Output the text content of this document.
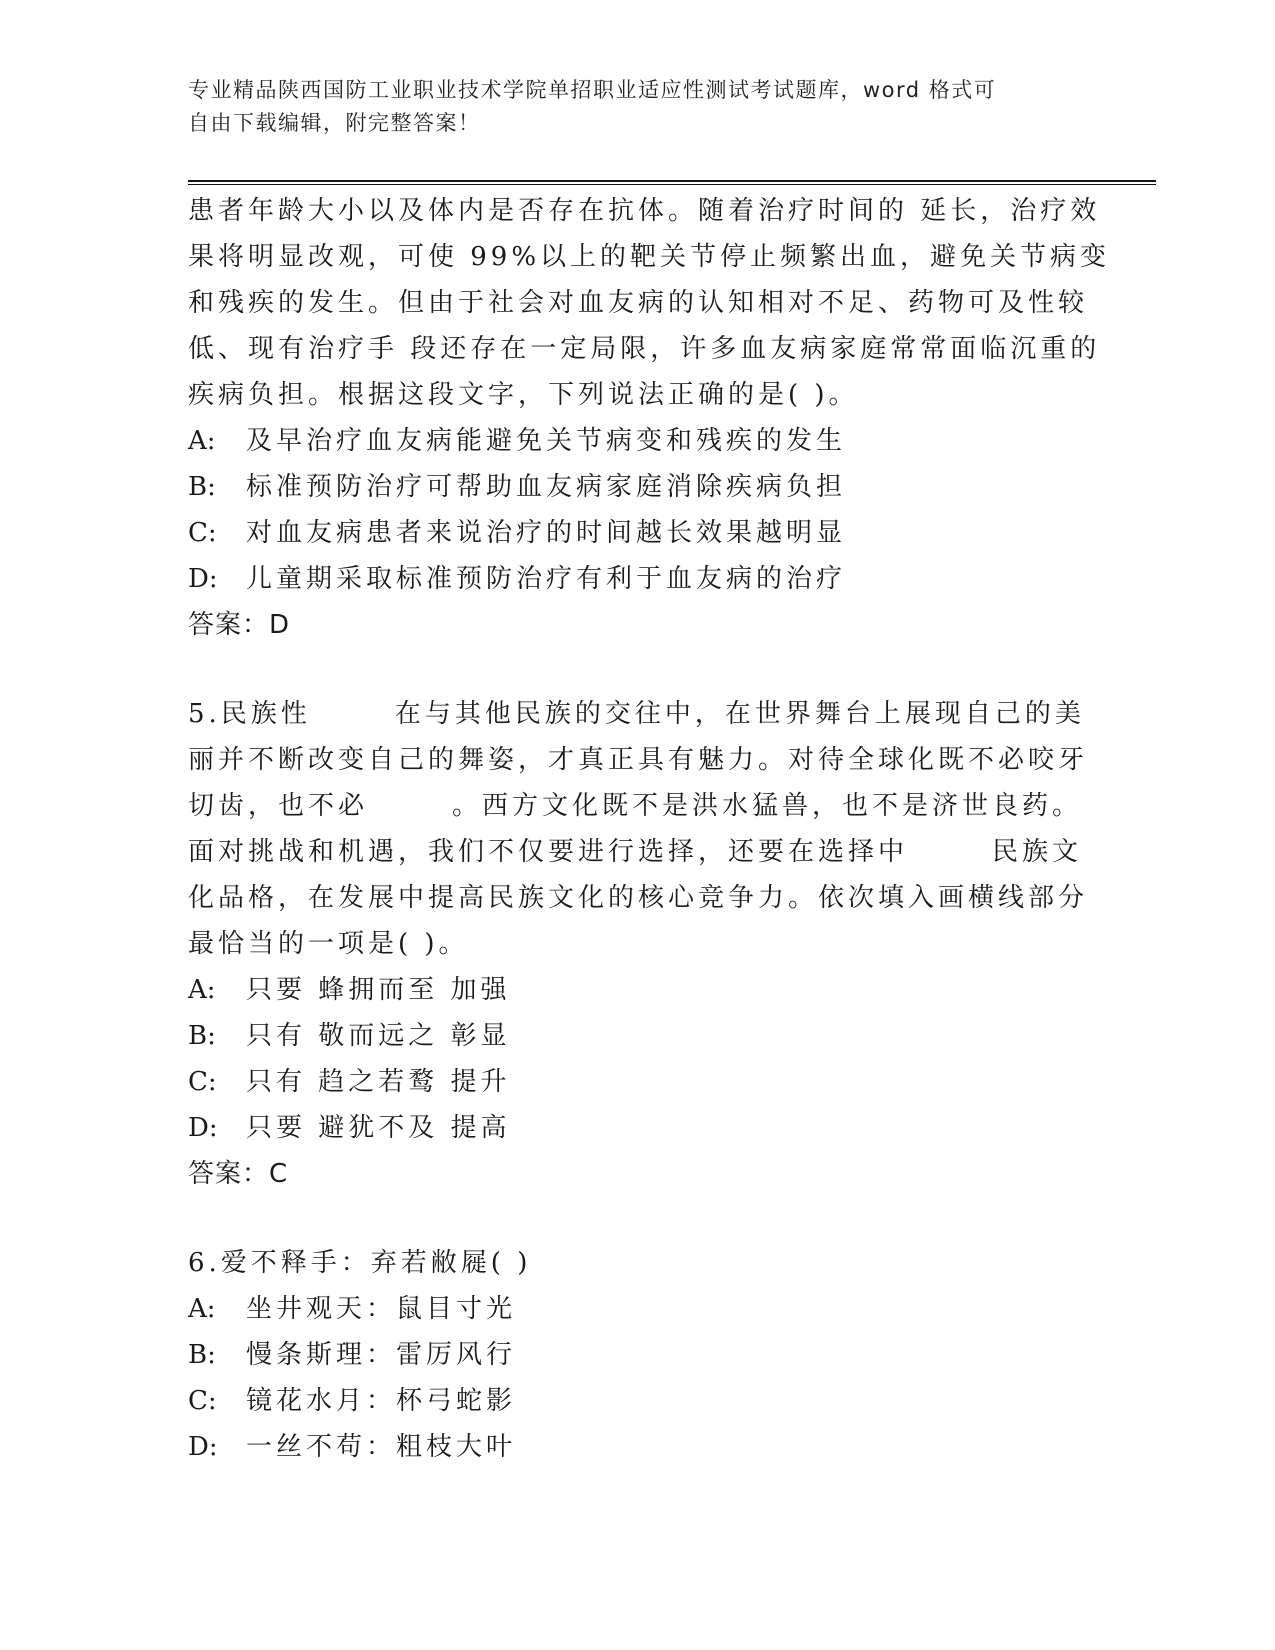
专业精品陕西国防工业职业技术学院单招职业适应性测试考试题库，word 格式可
自由下载编辑，附完整答案！
患者年龄大小以及体内是否存在抗体。随着治疗时间的 延长，治疗效
果将明显改观，可使 99%以上的靶关节停止频繁出血，避免关节病变
和残疾的发生。但由于社会对血友病的认知相对不足、药物可及性较
低、现有治疗手 段还存在一定局限，许多血友病家庭常常面临沉重的
疾病负担。根据这段文字，下列说法正确的是( )。
A: 及早治疗血友病能避免关节病变和残疾的发生
B: 标准预防治疗可帮助血友病家庭消除疾病负担
C: 对血友病患者来说治疗的时间越长效果越明显
D: 儿童期采取标准预防治疗有利于血友病的治疗
答案：D
5.民族性	在与其他民族的交往中，在世界舞台上展现自己的美
丽并不断改变自己的舞姿，才真正具有魅力。对待全球化既不必咬牙
切齿，也不必	。西方文化既不是洪水猛兽，也不是济世良药。
面对挑战和机遇，我们不仅要进行选择，还要在选择中	民族文
化品格，在发展中提高民族文化的核心竞争力。依次填入画横线部分
最恰当的一项是( )。
A: 只要 蜂拥而至 加强
B: 只有 敬而远之 彰显
C: 只有 趋之若鹜 提升
D: 只要 避犹不及 提高
答案：C
6.爱不释手：弃若敝屣( )
A: 坐井观天：鼠目寸光
B: 慢条斯理：雷厉风行
C: 镜花水月：杯弓蛇影
D: 一丝不苟：粗枝大叶
